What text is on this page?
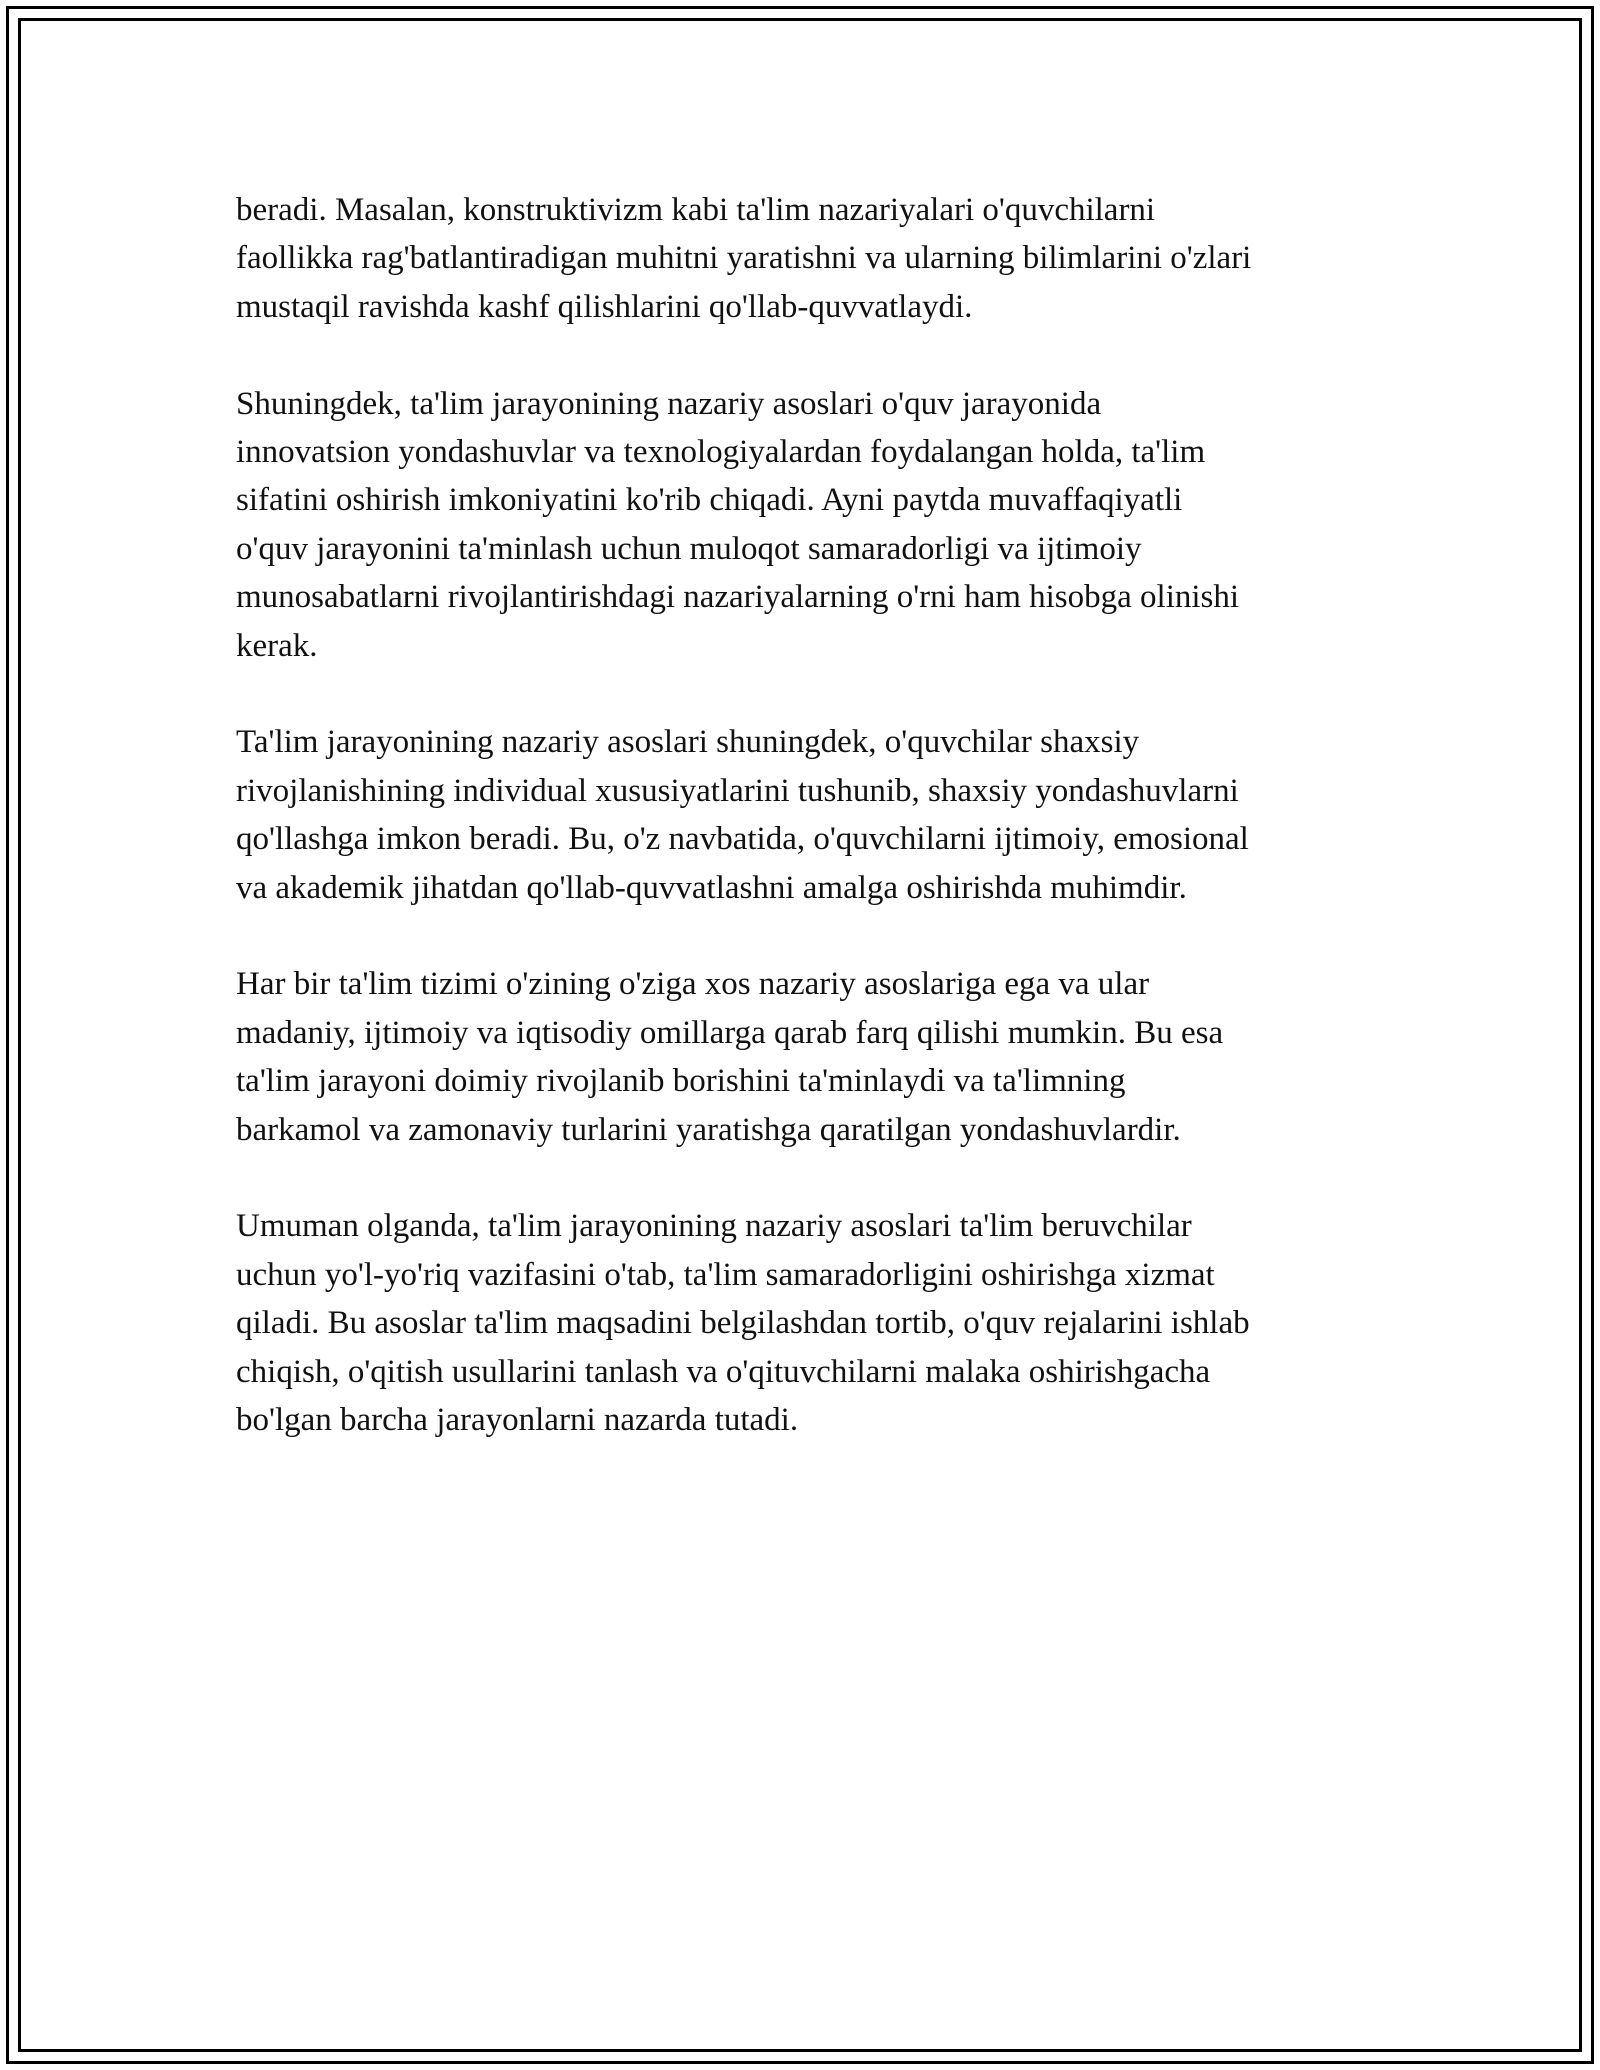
beradi. Masalan, konstruktivizm kabi ta'lim nazariyalari o'quvchilarni
faollikka rag'batlantiradigan muhitni yaratishni va ularning bilimlarini o'zlari
mustaqil ravishda kashf qilishlarini qo'llab-quvvatlaydi.

Shuningdek, ta'lim jarayonining nazariy asoslari o'quv jarayonida
innovatsion yondashuvlar va texnologiyalardan foydalangan holda, ta'lim
sifatini oshirish imkoniyatini ko'rib chiqadi. Ayni paytda muvaffaqiyatli
o'quv jarayonini ta'minlash uchun muloqot samaradorligi va ijtimoiy
munosabatlarni rivojlantirishdagi nazariyalarning o'rni ham hisobga olinishi
kerak.

Ta'lim jarayonining nazariy asoslari shuningdek, o'quvchilar shaxsiy
rivojlanishining individual xususiyatlarini tushunib, shaxsiy yondashuvlarni
qo'llashga imkon beradi. Bu, o'z navbatida, o'quvchilarni ijtimoiy, emosional
va akademik jihatdan qo'llab-quvvatlashni amalga oshirishda muhimdir.

Har bir ta'lim tizimi o'zining o'ziga xos nazariy asoslariga ega va ular
madaniy, ijtimoiy va iqtisodiy omillarga qarab farq qilishi mumkin. Bu esa
ta'lim jarayoni doimiy rivojlanib borishini ta'minlaydi va ta'limning
barkamol va zamonaviy turlarini yaratishga qaratilgan yondashuvlardir.

Umuman olganda, ta'lim jarayonining nazariy asoslari ta'lim beruvchilar
uchun yo'l-yo'riq vazifasini o'tab, ta'lim samaradorligini oshirishga xizmat
qiladi. Bu asoslar ta'lim maqsadini belgilashdan tortib, o'quv rejalarini ishlab
chiqish, o'qitish usullarini tanlash va o'qituvchilarni malaka oshirishgacha
bo'lgan barcha jarayonlarni nazarda tutadi.
